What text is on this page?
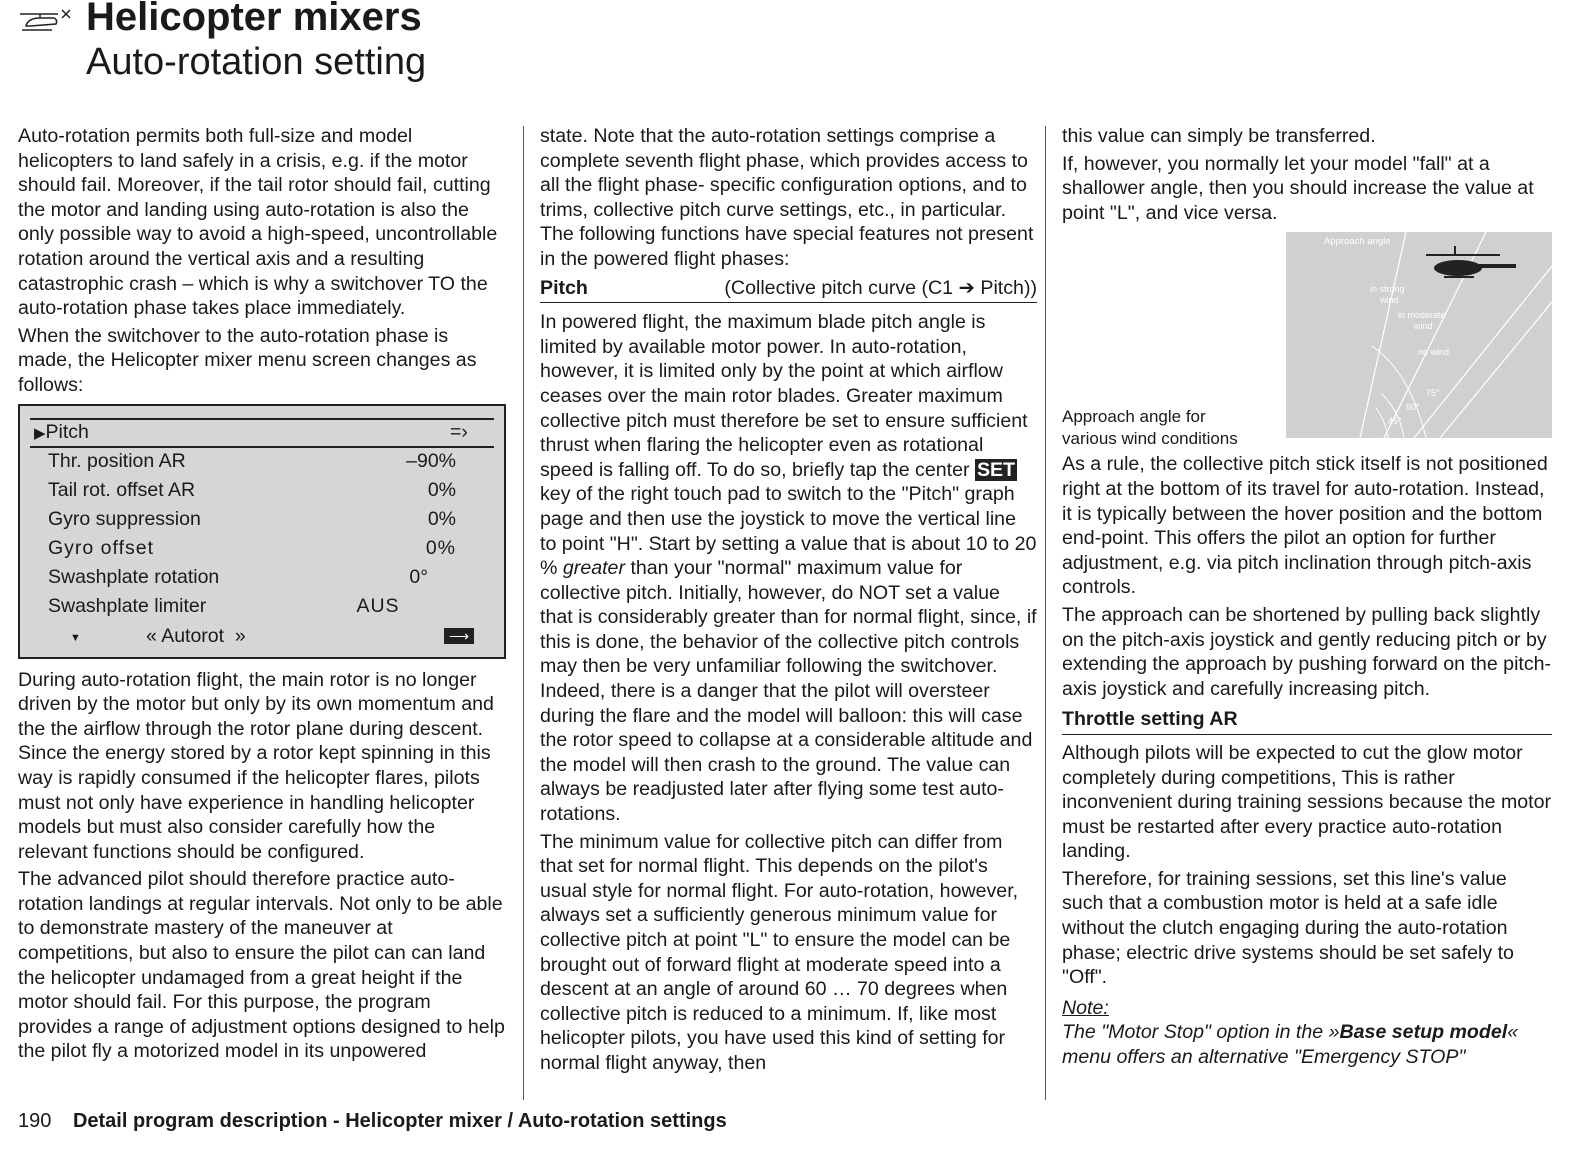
Helicopter mixers
Auto-rotation setting

Auto-rotation permits both full-size and model helicopters to land safely in a crisis, e.g. if the motor should fail. Moreover, if the tail rotor should fail, cutting the motor and landing using auto-rotation is also the only possible way to avoid a high-speed, uncontrollable rotation around the vertical axis and a resulting catastrophic crash – which is why a switchover TO the auto-rotation phase takes place immediately.

When the switchover to the auto-rotation phase is made, the Helicopter mixer menu screen changes as follows:

▶Pitch	=›
Thr. position AR	–90%
Tail rot. offset AR	0%
Gyro suppression	0%
Gyro offset	0%
Swashplate rotation	0°
Swashplate limiter	AUS
▼	« Autorot  »	⟶

During auto-rotation flight, the main rotor is no longer driven by the motor but only by its own momentum and the the airflow through the rotor plane during descent. Since the energy stored by a rotor kept spinning in this way is rapidly consumed if the helicopter flares, pilots must not only have experience in handling helicopter models but must also consider carefully how the relevant functions should be configured.

The advanced pilot should therefore practice auto-rotation landings at regular intervals. Not only to be able to demonstrate mastery of the maneuver at competitions, but also to ensure the pilot can can land the helicopter undamaged from a great height if the motor should fail. For this purpose, the program provides a range of adjustment options designed to help the pilot fly a motorized model in its unpowered

state. Note that the auto-rotation settings comprise a complete seventh flight phase, which provides access to all the flight phase- specific configuration options, and to trims, collective pitch curve settings, etc., in particular. The following functions have special features not present in the powered flight phases:

Pitch	(Collective pitch curve (C1 ➔ Pitch))

In powered flight, the maximum blade pitch angle is limited by available motor power. In auto-rotation, however, it is limited only by the point at which airflow ceases over the main rotor blades. Greater maximum collective pitch must therefore be set to ensure sufficient thrust when flaring the helicopter even as rotational speed is falling off. To do so, briefly tap the center SET key of the right touch pad to switch to the "Pitch" graph page and then use the joystick to move the vertical line to point "H". Start by setting a value that is about 10 to 20 % greater than your "normal" maximum value for collective pitch. Initially, however, do NOT set a value that is considerably greater than for normal flight, since, if this is done, the behavior of the collective pitch controls may then be very unfamiliar following the switchover. Indeed, there is a danger that the pilot will oversteer during the flare and the model will balloon: this will case the rotor speed to collapse at a considerable altitude and the model will then crash to the ground. The value can always be readjusted later after flying some test auto-rotations.

The minimum value for collective pitch can differ from that set for normal flight. This depends on the pilot's usual style for normal flight. For auto-rotation, however, always set a sufficiently generous minimum value for collective pitch at point "L" to ensure the model can be brought out of forward flight at moderate speed into a descent at an angle of around 60 … 70 degrees when collective pitch is reduced to a minimum. If, like most helicopter pilots, you have used this kind of setting for normal flight anyway, then

this value can simply be transferred.

If, however, you normally let your model "fall" at a shallower angle, then you should increase the value at point "L", and vice versa.

Approach angle for
various wind conditions
Approach angle
in strong
wind
in moderate
wind
no wind
75°
60°
45°

As a rule, the collective pitch stick itself is not positioned right at the bottom of its travel for auto-rotation. Instead, it is typically between the hover position and the bottom end-point. This offers the pilot an option for further adjustment, e.g. via pitch inclination through pitch-axis controls.

The approach can be shortened by pulling back slightly on the pitch-axis joystick and gently reducing pitch or by extending the approach by pushing forward on the pitch-axis joystick and carefully increasing pitch.

Throttle setting AR

Although pilots will be expected to cut the glow motor completely during competitions, This is rather inconvenient during training sessions because the motor must be restarted after every practice auto-rotation landing.

Therefore, for training sessions, set this line's value such that a combustion motor is held at a safe idle without the clutch engaging during the auto-rotation phase; electric drive systems should be set safely to "Off".

Note:
The "Motor Stop" option in the »Base setup model« menu offers an alternative "Emergency STOP"

190 Detail program description - Helicopter mixer / Auto-rotation settings
